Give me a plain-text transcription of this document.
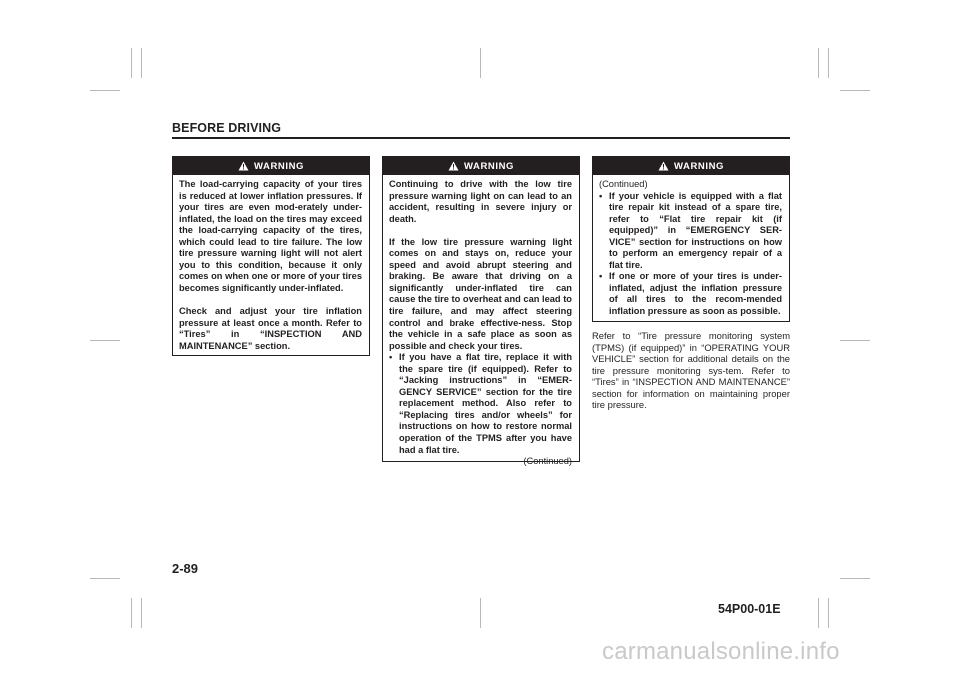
BEFORE DRIVING
WARNING

The load-carrying capacity of your tires is reduced at lower inflation pressures. If your tires are even mod-erately under-inflated, the load on the tires may exceed the load-carrying capacity of the tires, which could lead to tire failure. The low tire pressure warning light will not alert you to this condition, because it only comes on when one or more of your tires becomes significantly under-inflated.

Check and adjust your tire inflation pressure at least once a month. Refer to “Tires” in “INSPECTION AND MAINTENANCE” section.

WARNING

Continuing to drive with the low tire pressure warning light on can lead to an accident, resulting in severe injury or death.

If the low tire pressure warning light comes on and stays on, reduce your speed and avoid abrupt steering and braking. Be aware that driving on a significantly under-inflated tire can cause the tire to overheat and can lead to tire failure, and may affect steering control and brake effective-ness. Stop the vehicle in a safe place as soon as possible and check your tires.

• If you have a flat tire, replace it with the spare tire (if equipped). Refer to “Jacking instructions” in “EMER-GENCY SERVICE” section for the tire replacement method. Also refer to “Replacing tires and/or wheels” for instructions on how to restore normal operation of the TPMS after you have had a flat tire.
(Continued)
WARNING

(Continued)

• If your vehicle is equipped with a flat tire repair kit instead of a spare tire, refer to “Flat tire repair kit (if equipped)” in “EMERGENCY SER-VICE” section for instructions on how to perform an emergency repair of a flat tire.
• If one or more of your tires is under-inflated, adjust the inflation pressure of all tires to the recom-mended inflation pressure as soon as possible.
Refer to “Tire pressure monitoring system (TPMS) (if equipped)” in “OPERATING YOUR VEHICLE” section for additional details on the tire pressure monitoring sys-tem. Refer to “Tires” in “INSPECTION AND MAINTENANCE” section for information on maintaining proper tire pressure.
2-89
54P00-01E
carmanualsonline.info
